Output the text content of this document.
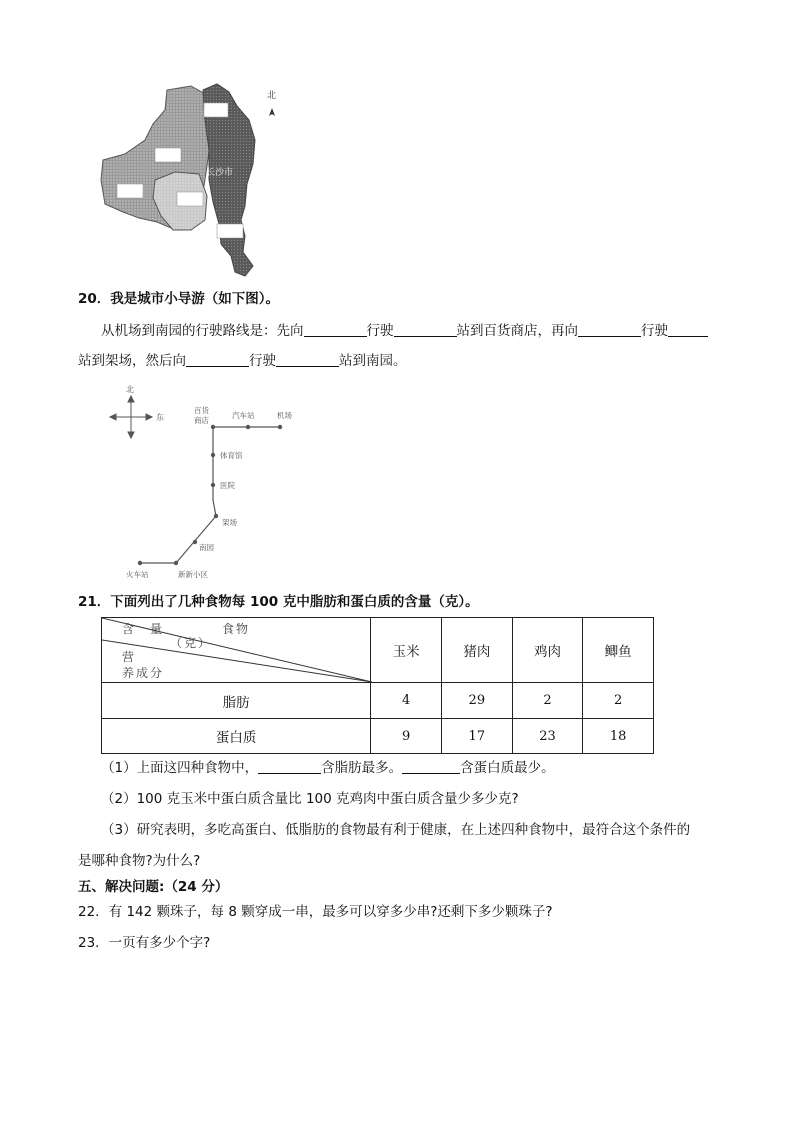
长沙市
北
20．我是城市小导游（如下图）。
从机场到南园的行驶路线是：先向	行驶	站到百货商店，再向	行驶
站到架场，然后向	行驶	站到南园。
北
东
百货
商店
汽车站	机场
体育馆
医院
架场
南园
火车站	新新小区
21．下面列出了几种食物每 100 克中脂肪和蛋白质的含量（克）。
含　量
（克）
食物
营
养成分	玉米	猪肉	鸡肉	鲫鱼
脂肪	4	29	2	2
蛋白质	9	17	23	18
（1）上面这四种食物中，	含脂肪最多。	含蛋白质最少。
（2）100 克玉米中蛋白质含量比 100 克鸡肉中蛋白质含量少多少克?
（3）研究表明，多吃高蛋白、低脂肪的食物最有利于健康，在上述四种食物中，最符合这个条件的
是哪种食物?为什么?
五、解决问题:（24 分）
22．有 142 颗珠子，每 8 颗穿成一串，最多可以穿多少串?还剩下多少颗珠子?
23．一页有多少个字?
